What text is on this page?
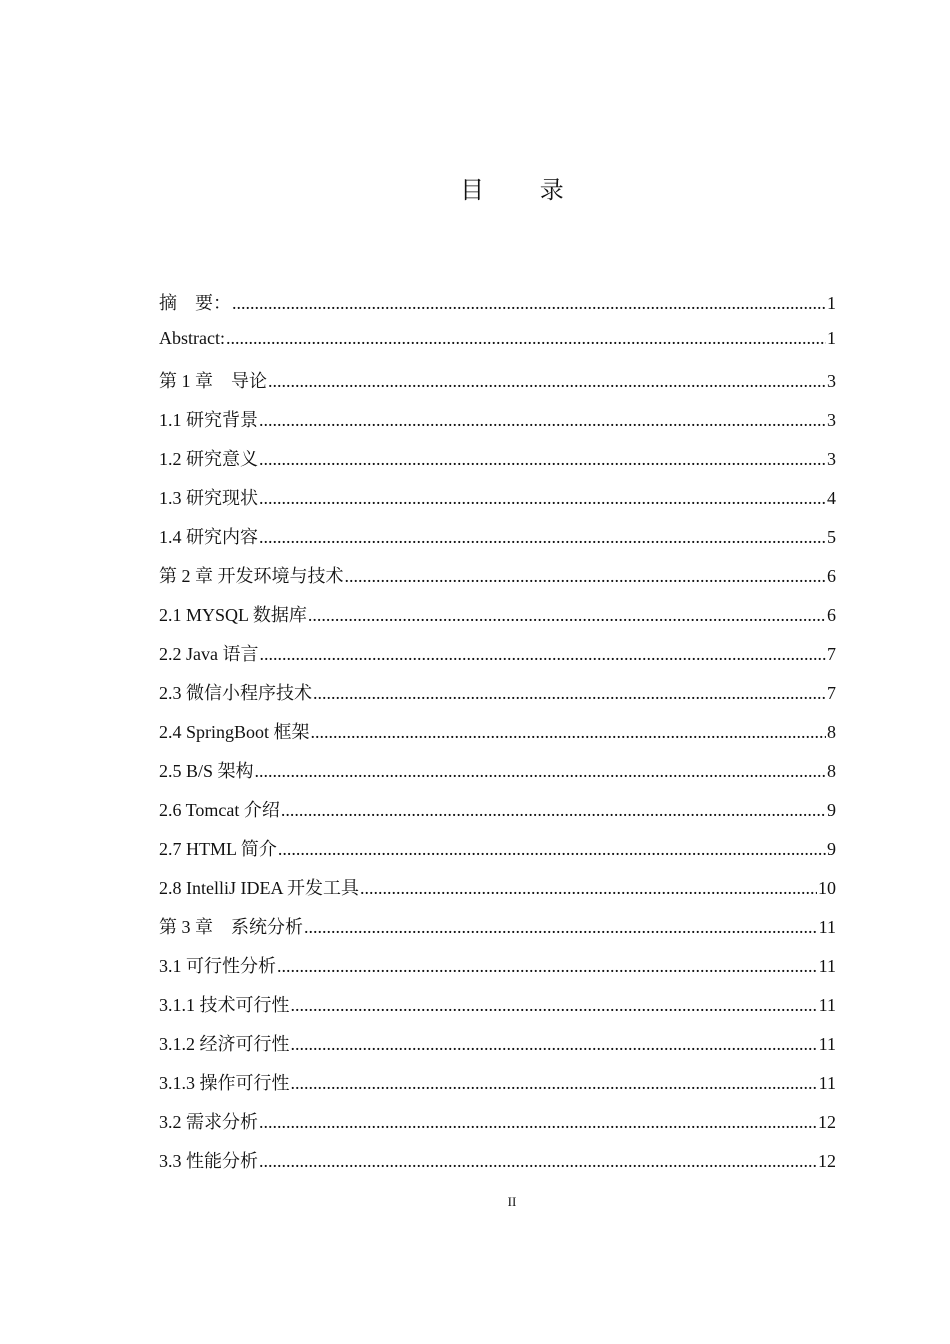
目 录
摘　要： .....	1
Abstract: .....	1
第 1 章　导论 .....	3
1.1 研究背景 .....	3
1.2 研究意义 .....	3
1.3 研究现状 .....	4
1.4 研究内容 .....	5
第 2 章 开发环境与技术 .....	6
2.1 MYSQL 数据库 .....	6
2.2 Java 语言 .....	7
2.3 微信小程序技术 .....	7
2.4 SpringBoot 框架 .....	8
2.5 B/S 架构 .....	8
2.6 Tomcat 介绍 .....	9
2.7 HTML 简介 .....	9
2.8 IntelliJ IDEA 开发工具 .....	10
第 3 章　系统分析 .....	11
3.1 可行性分析 .....	11
3.1.1 技术可行性 .....	11
3.1.2 经济可行性 .....	11
3.1.3 操作可行性 .....	11
3.2 需求分析 .....	12
3.3 性能分析 .....	12
II
